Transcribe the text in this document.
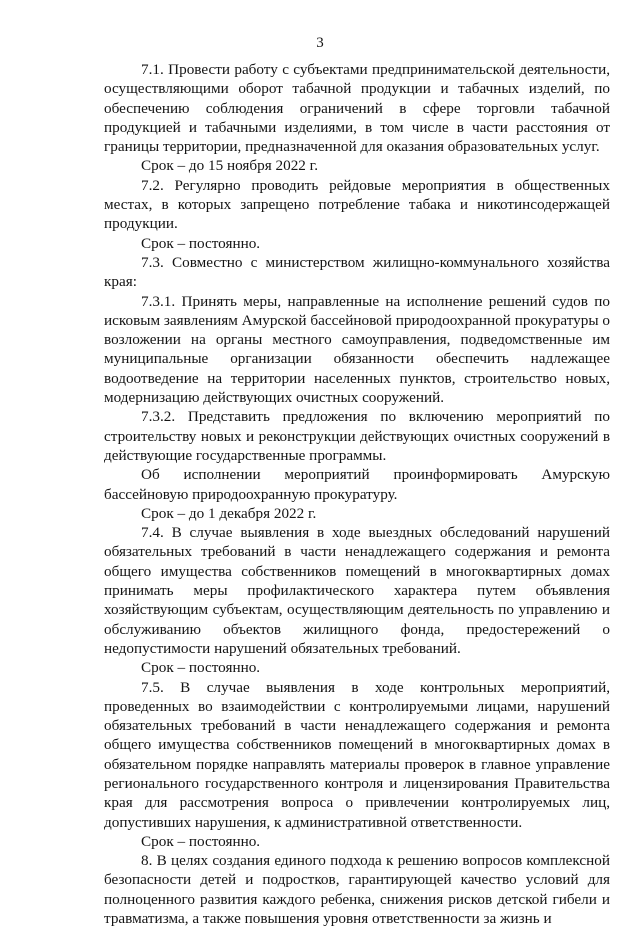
3

7.1. Провести работу с субъектами предпринимательской деятельности, осуществляющими оборот табачной продукции и табачных изделий, по обеспечению соблюдения ограничений в сфере торговли табачной продукцией и табачными изделиями, в том числе в части расстояния от границы территории, предназначенной для оказания образовательных услуг.

Срок – до 15 ноября 2022 г.

7.2. Регулярно проводить рейдовые мероприятия в общественных местах, в которых запрещено потребление табака и никотинсодержащей продукции.

Срок – постоянно.

7.3. Совместно с министерством жилищно-коммунального хозяйства края:

7.3.1. Принять меры, направленные на исполнение решений судов по исковым заявлениям Амурской бассейновой природоохранной прокуратуры о возложении на органы местного самоуправления, подведомственные им муниципальные организации обязанности обеспечить надлежащее водоотведение на территории населенных пунктов, строительство новых, модернизацию действующих очистных сооружений.

7.3.2. Представить предложения по включению мероприятий по строительству новых и реконструкции действующих очистных сооружений в действующие государственные программы.

Об исполнении мероприятий проинформировать Амурскую бассейновую природоохранную прокуратуру.

Срок – до 1 декабря 2022 г.

7.4. В случае выявления в ходе выездных обследований нарушений обязательных требований в части ненадлежащего содержания и ремонта общего имущества собственников помещений в многоквартирных домах принимать меры профилактического характера путем объявления хозяйствующим субъектам, осуществляющим деятельность по управлению и обслуживанию объектов жилищного фонда, предостережений о недопустимости нарушений обязательных требований.

Срок – постоянно.

7.5. В случае выявления в ходе контрольных мероприятий, проведенных во взаимодействии с контролируемыми лицами, нарушений обязательных требований в части ненадлежащего содержания и ремонта общего имущества собственников помещений в многоквартирных домах в обязательном порядке направлять материалы проверок в главное управление регионального государственного контроля и лицензирования Правительства края для рассмотрения вопроса о привлечении контролируемых лиц, допустивших нарушения, к административной ответственности.

Срок – постоянно.

8. В целях создания единого подхода к решению вопросов комплексной безопасности детей и подростков, гарантирующей качество условий для полноценного развития каждого ребенка, снижения рисков детской гибели и травматизма, а также повышения уровня ответственности за жизнь и
